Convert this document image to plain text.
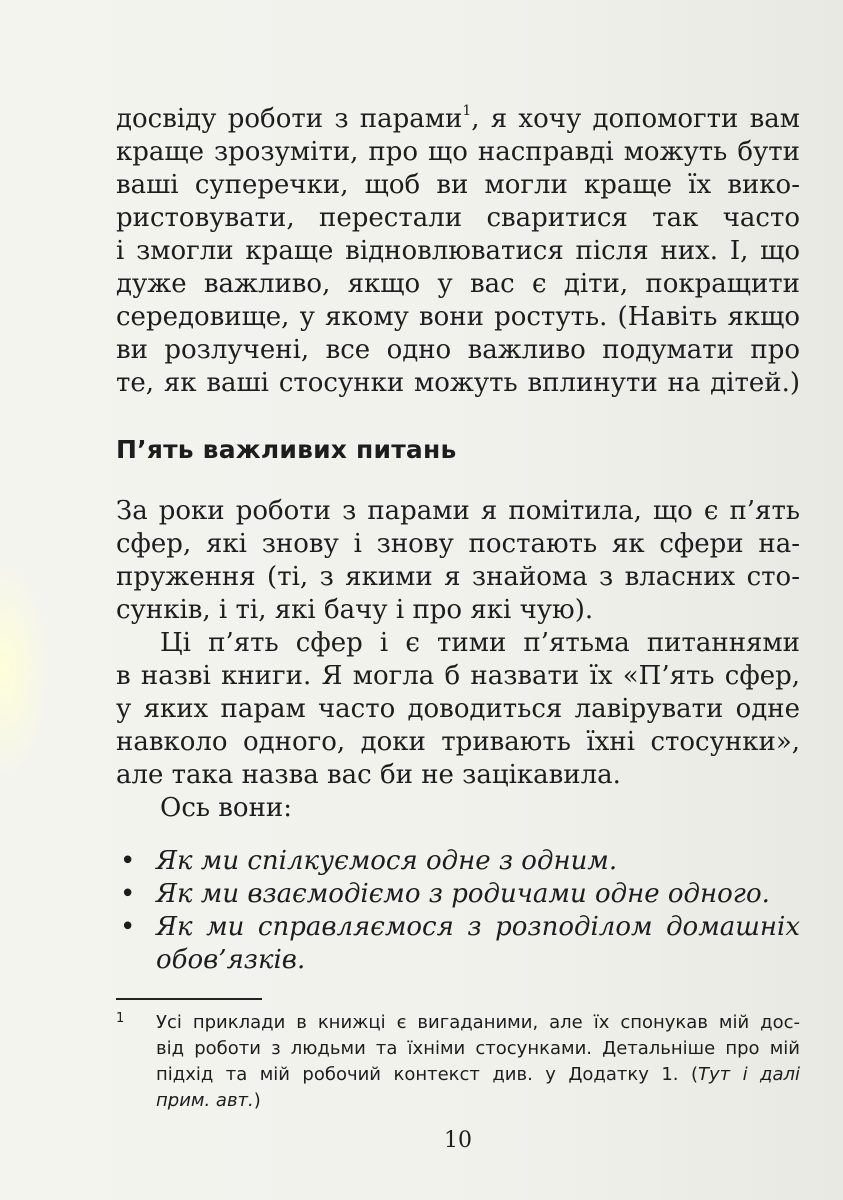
досвіду роботи з парами$^1$, я хочу допомогти вам
краще зрозуміти, про що насправді можуть бути
ваші суперечки, щоб ви могли краще їх вико-
ристовувати, перестали сваритися так часто
і змогли краще відновлюватися після них. І, що
дуже важливо, якщо у вас є діти, покращити
середовище, у якому вони ростуть. (Навіть якщо
ви розлучені, все одно важливо подумати про
те, як ваші стосунки можуть вплинути на дітей.)
П’ять важливих питань
За роки роботи з парами я помітила, що є п’ять
сфер, які знову і знову постають як сфери на-
пруження (ті, з якими я знайома з власних сто-
сунків, і ті, які бачу і про які чую).
Ці п’ять сфер і є тими п’ятьма питаннями
в назві книги. Я могла б назвати їх «П’ять сфер,
у яких парам часто доводиться лавірувати одне
навколо одного, доки тривають їхні стосунки»,
але така назва вас би не зацікавила.
Ось вони:
• Як ми спілкуємося одне з одним.
• Як ми взаємодіємо з родичами одне одного.
• Як ми справляємося з розподілом домашніх
обов’язків.
1 Усі приклади в книжці є вигаданими, але їх спонукав мій дос-
від роботи з людьми та їхніми стосунками. Детальніше про мій
підхід та мій робочий контекст див. у Додатку 1. (Тут і далі
прим. авт.)
10
